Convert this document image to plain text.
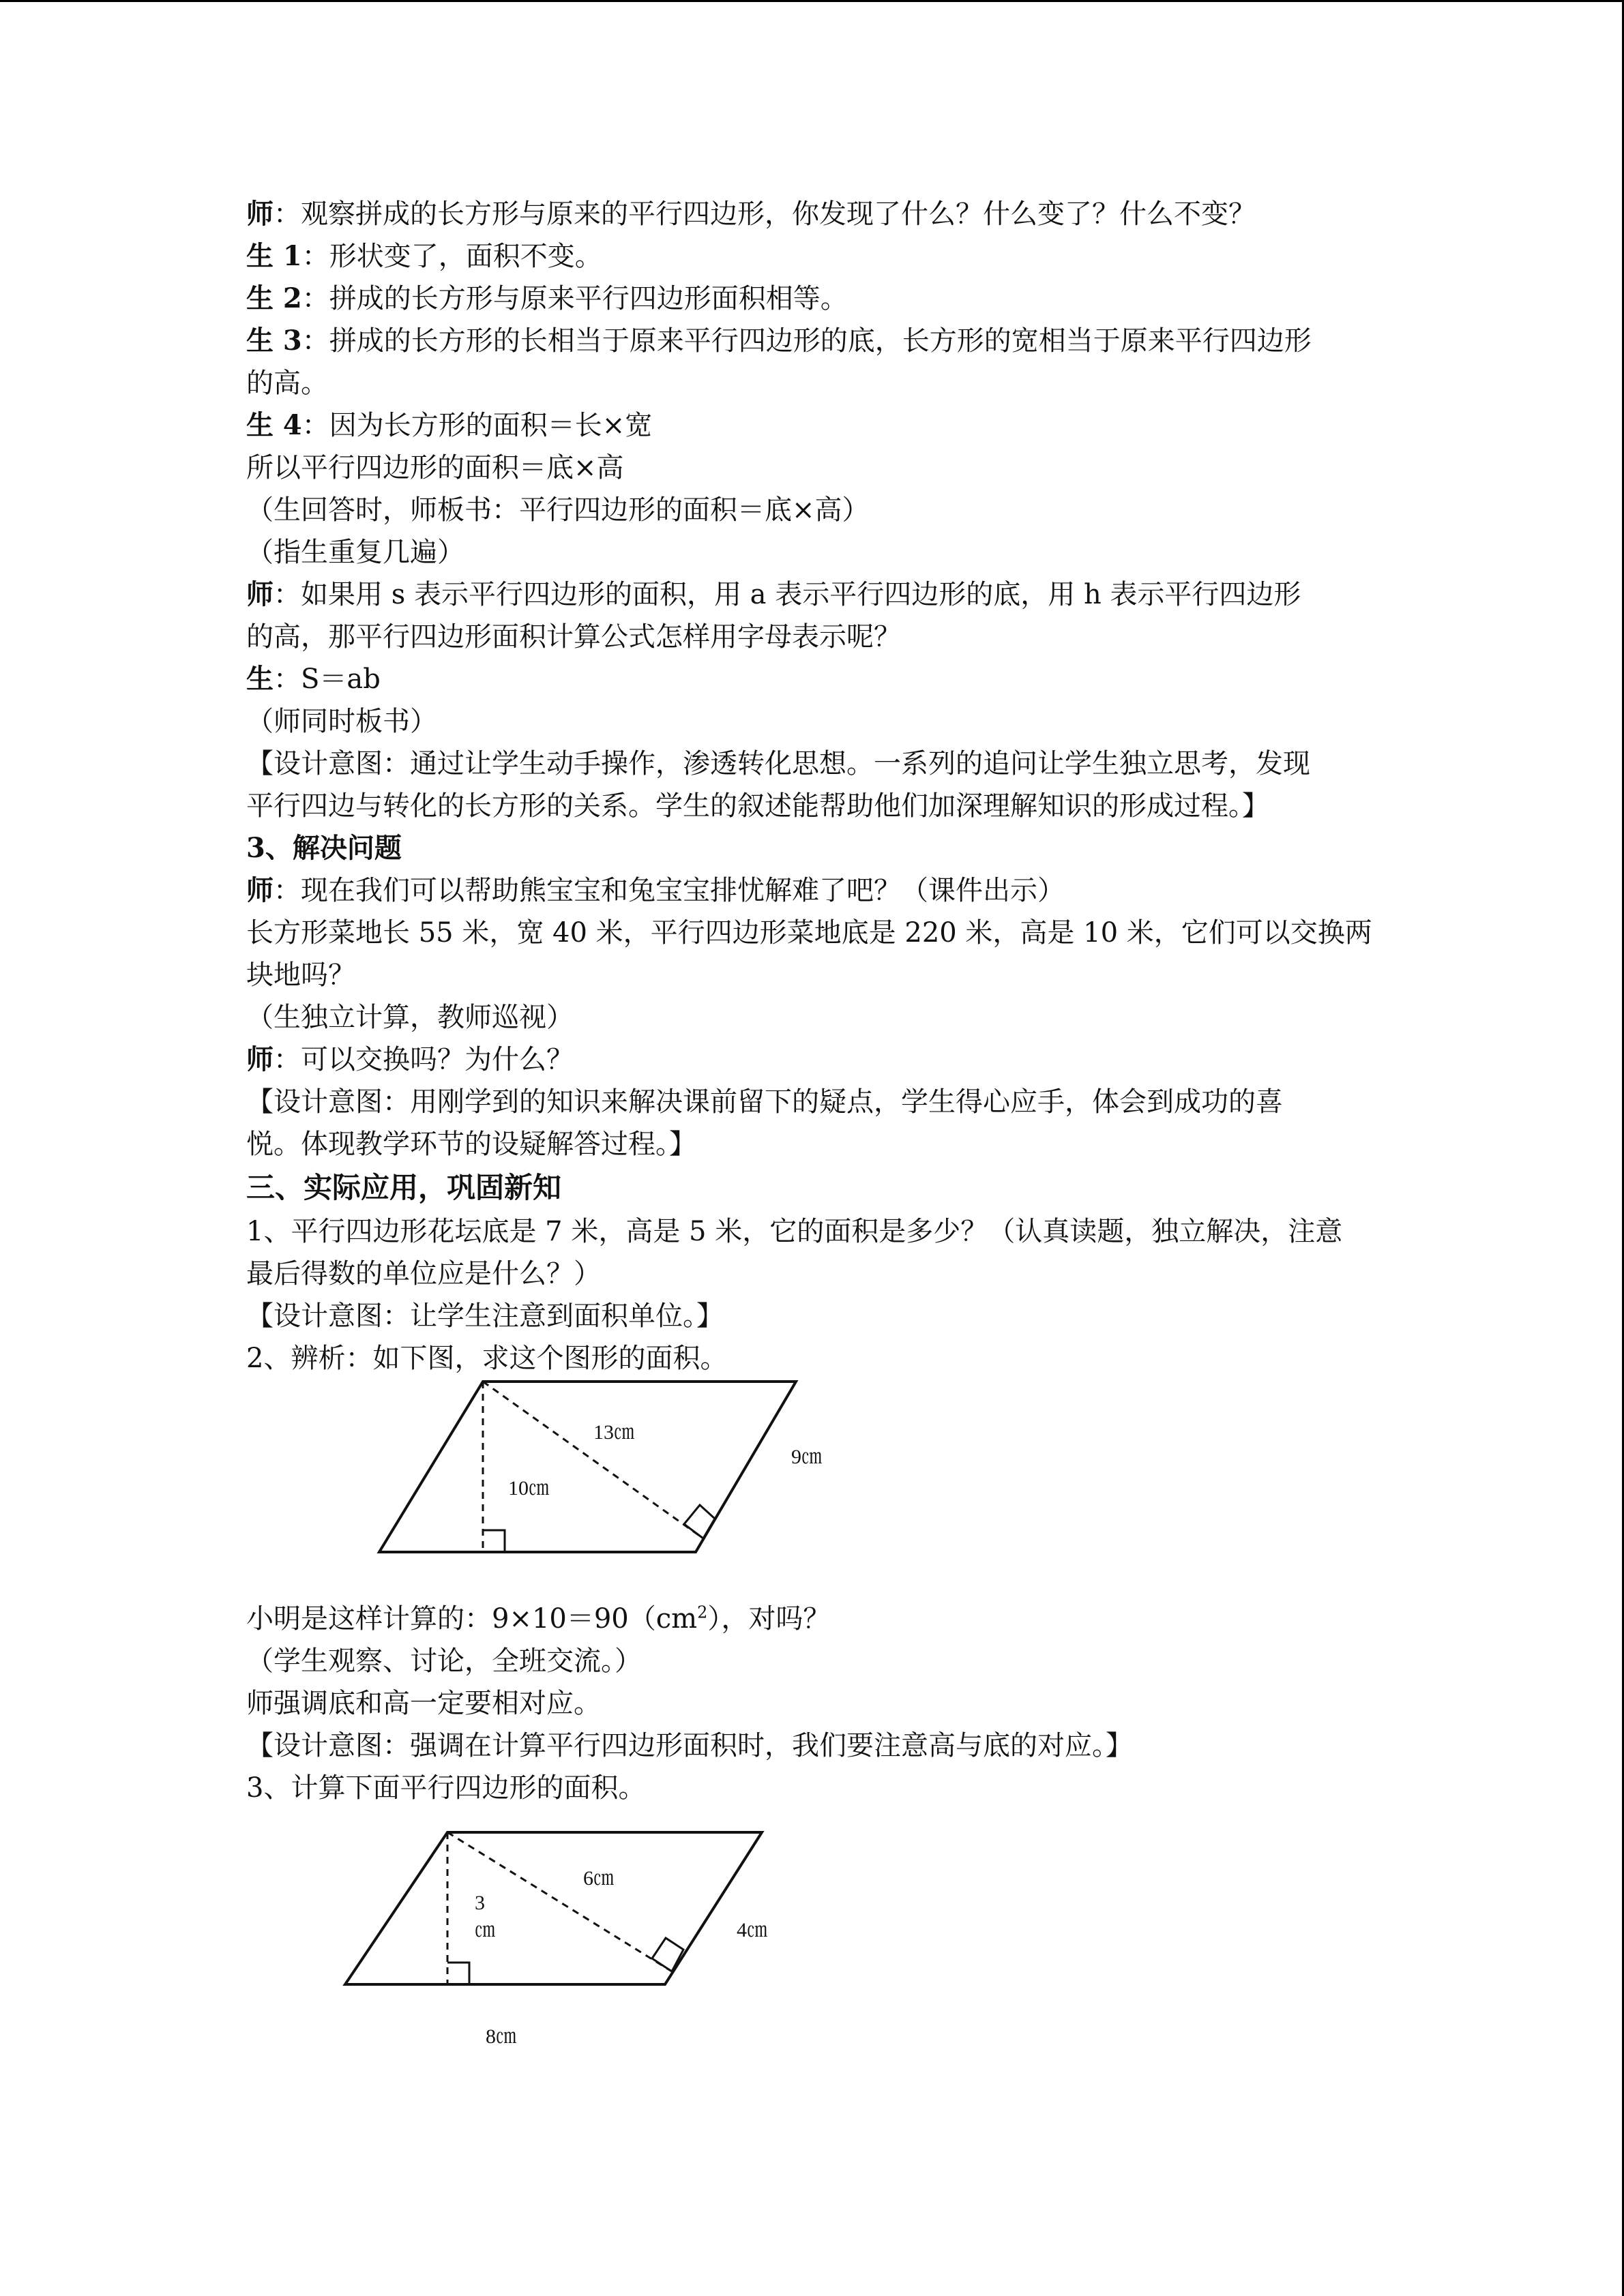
师：观察拼成的长方形与原来的平行四边形，你发现了什么？什么变了？什么不变？
生 1：形状变了，面积不变。
生 2：拼成的长方形与原来平行四边形面积相等。
生 3：拼成的长方形的长相当于原来平行四边形的底，长方形的宽相当于原来平行四边形
的高。
生 4：因为长方形的面积＝长×宽
所以平行四边形的面积＝底×高
（生回答时，师板书：平行四边形的面积＝底×高）
（指生重复几遍）
师：如果用 s 表示平行四边形的面积，用 a 表示平行四边形的底，用 h 表示平行四边形
的高，那平行四边形面积计算公式怎样用字母表示呢？
生：S＝ab
（师同时板书）
【设计意图：通过让学生动手操作，渗透转化思想。一系列的追问让学生独立思考，发现
平行四边与转化的长方形的关系。学生的叙述能帮助他们加深理解知识的形成过程。】
3、解决问题
师：现在我们可以帮助熊宝宝和兔宝宝排忧解难了吧？（课件出示）
长方形菜地长 55 米，宽 40 米，平行四边形菜地底是 220 米，高是 10 米，它们可以交换两
块地吗？
（生独立计算，教师巡视）
师：可以交换吗？为什么？
【设计意图：用刚学到的知识来解决课前留下的疑点，学生得心应手，体会到成功的喜
悦。体现教学环节的设疑解答过程。】
三、实际应用，巩固新知
1、平行四边形花坛底是 7 米，高是 5 米，它的面积是多少？（认真读题，独立解决，注意
最后得数的单位应是什么？）
【设计意图：让学生注意到面积单位。】
2、辨析：如下图，求这个图形的面积。
小明是这样计算的：$9\times 10=90(cm^2)$，对吗？
（学生观察、讨论，全班交流。）
师强调底和高一定要相对应。
【设计意图：强调在计算平行四边形面积时，我们要注意高与底的对应。】
3、计算下面平行四边形的面积。
13㎝
9㎝
10㎝
6㎝
4㎝
3
㎝
8㎝
